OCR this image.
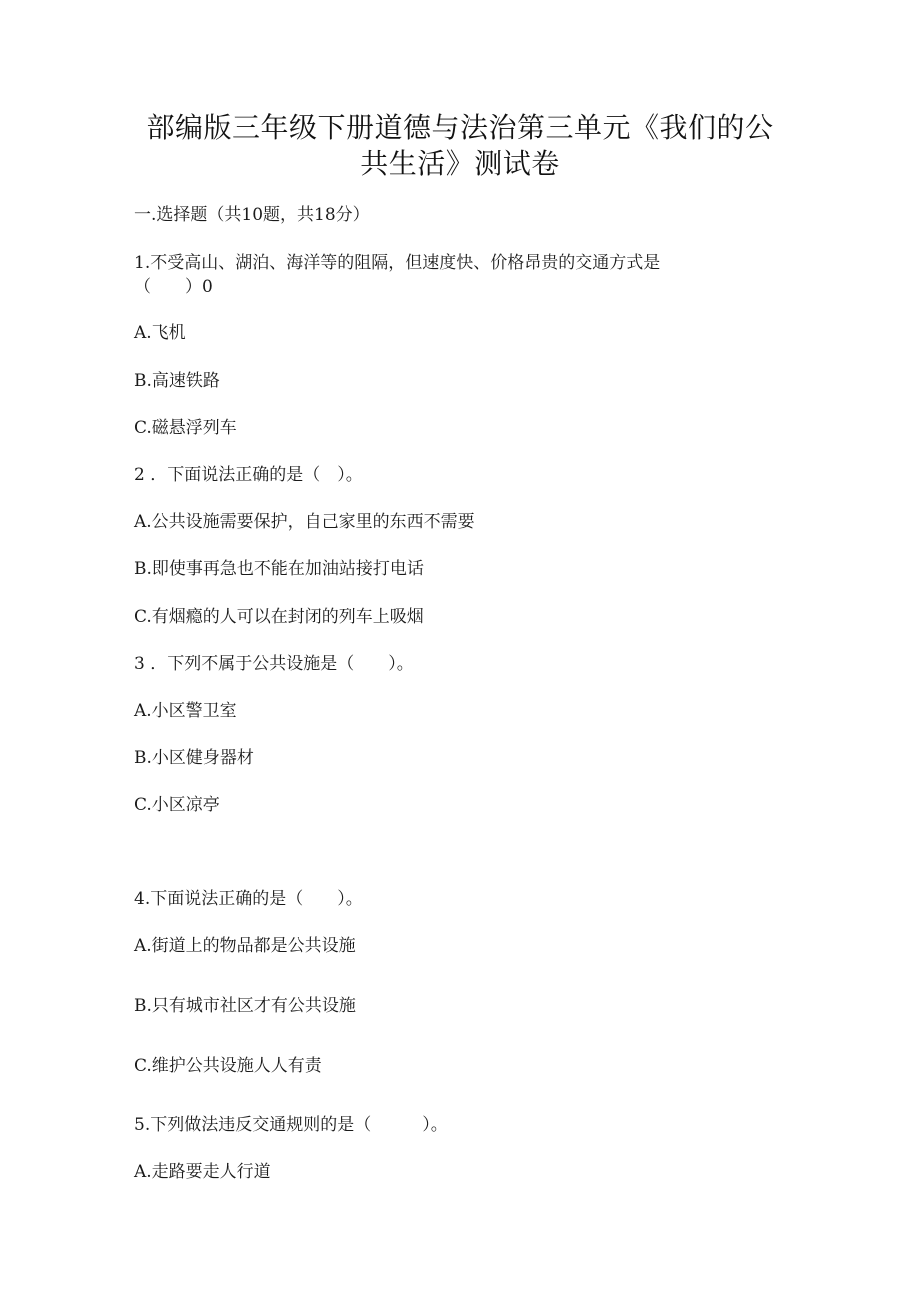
部编版三年级下册道德与法治第三单元《我们的公
共生活》测试卷
一.选择题（共10题，共18分）
1.不受高山、湖泊、海洋等的阻隔，但速度快、价格昂贵的交通方式是
（　　）0
A.飞机
B.高速铁路
C.磁悬浮列车
2 ．下面说法正确的是（　）。
A.公共设施需要保护，自己家里的东西不需要
B.即使事再急也不能在加油站接打电话
C.有烟瘾的人可以在封闭的列车上吸烟
3 ．下列不属于公共设施是（　　）。
A.小区警卫室
B.小区健身器材
C.小区凉亭
4.下面说法正确的是（　　）。
A.街道上的物品都是公共设施
B.只有城市社区才有公共设施
C.维护公共设施人人有责
5.下列做法违反交通规则的是（　　　）。
A.走路要走人行道
